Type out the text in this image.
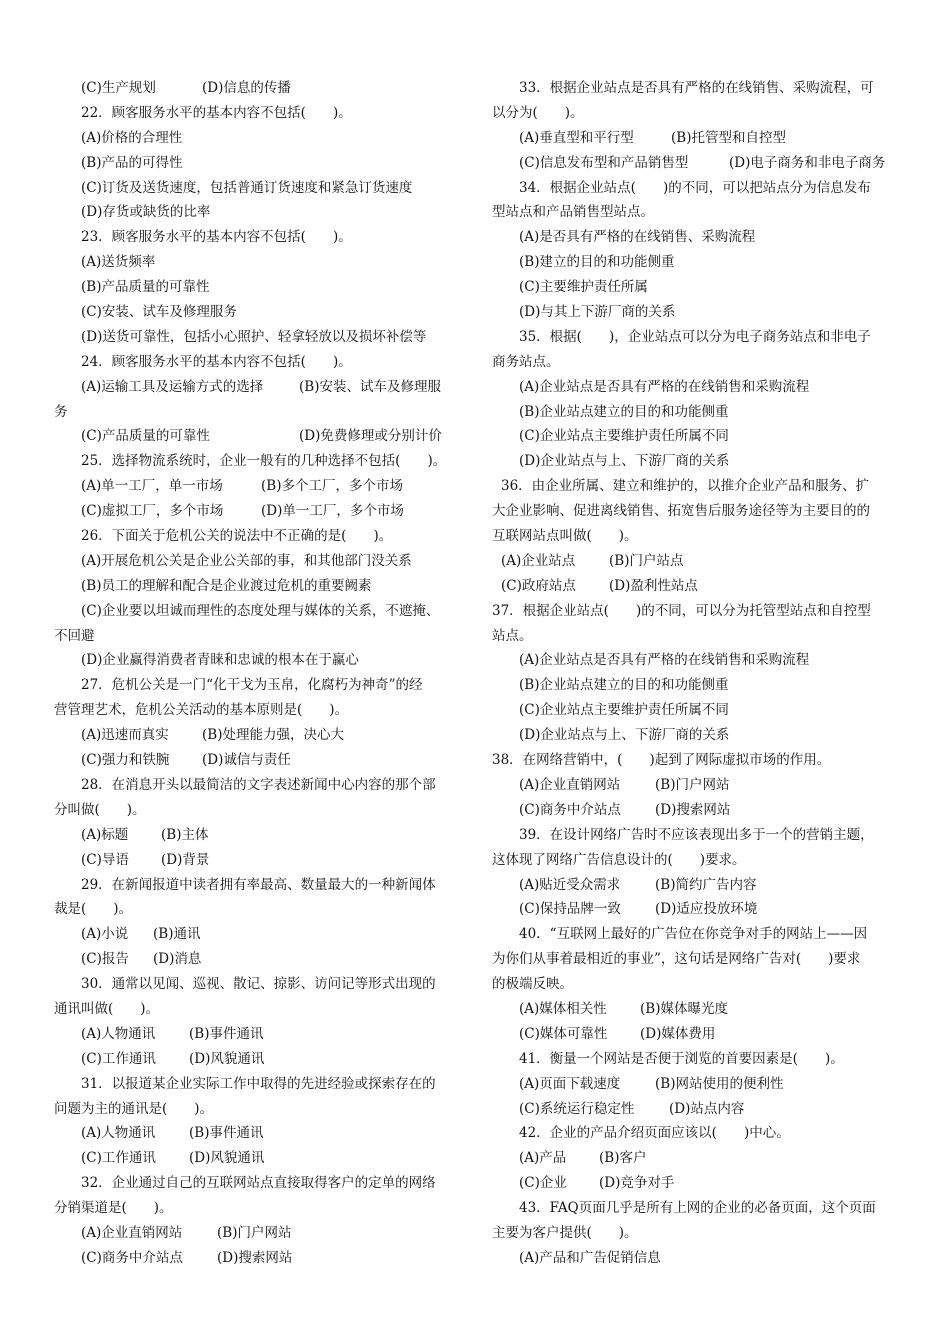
(C)生产规划	(D)信息的传播
22．顾客服务水平的基本内容不包括(　　)。
(A)价格的合理性
(B)产品的可得性
(C)订货及送货速度，包括普通订货速度和紧急订货速度
(D)存货或缺货的比率
23．顾客服务水平的基本内容不包括(　　)。
(A)送货频率
(B)产品质量的可靠性
(C)安装、试车及修理服务
(D)送货可靠性，包括小心照护、轻拿轻放以及损坏补偿等
24．顾客服务水平的基本内容不包括(　　)。
(A)运输工具及运输方式的选择	(B)安装、试车及修理服
务
(C)产品质量的可靠性	(D)免费修理或分别计价
25．选择物流系统时，企业一般有的几种选择不包括(　　)。
(A)单一工厂，单一市场	(B)多个工厂，多个市场
(C)虚拟工厂，多个市场	(D)单一工厂，多个市场
26．下面关于危机公关的说法中不正确的是(　　)。
(A)开展危机公关是企业公关部的事，和其他部门没关系
(B)员工的理解和配合是企业渡过危机的重要阙素
(C)企业要以坦诚而理性的态度处理与媒体的关系，不遮掩、
不回避
(D)企业赢得消费者青睐和忠诚的根本在于赢心
27．危机公关是一门“化干戈为玉帛，化腐朽为神奇”的经
营管理艺术，危机公关活动的基本原则是(　　)。
(A)迅速而真实 (B)处理能力强，决心大
(C)强力和铁腕 (D)诚信与责任
28．在消息开头以最简洁的文字表述新闻中心内容的那个部
分叫做(　　)。
(A)标题 (B)主体
(C)导语 (D)背景
29．在新闻报道中读者拥有率最高、数量最大的一种新闻体
裁是(　　)。
(A)小说 (B)通讯
(C)报告 (D)消息
30．通常以见闻、巡视、散记、掠影、访问记等形式出现的
通讯叫做(　　)。
(A)人物通讯 (B)事件通讯
(C)工作通讯 (D)风貌通讯
31．以报道某企业实际工作中取得的先进经验或探索存在的
问题为主的通讯是(　　)。
(A)人物通讯 (B)事件通讯
(C)工作通讯 (D)风貌通讯
32．企业通过自己的互联网站点直接取得客户的定单的网络
分销渠道是(　　)。
(A)企业直销网站	(B)门户网站
(C)商务中介站点	(D)搜索网站
33．根据企业站点是否具有严格的在线销售、采购流程，可
以分为(　　)。
(A)垂直型和平行型	(B)托管型和自控型
(C)信息发布型和产品销售型	(D)电子商务和非电子商务
34．根据企业站点(　　)的不同，可以把站点分为信息发布
型站点和产品销售型站点。
(A)是否具有严格的在线销售、采购流程
(B)建立的目的和功能侧重
(C)主要维护责任所属
(D)与其上下游厂商的关系
35．根据(　　)，企业站点可以分为电子商务站点和非电子
商务站点。
(A)企业站点是否具有严格的在线销售和采购流程
(B)企业站点建立的目的和功能侧重
(C)企业站点主要维护责任所属不同
(D)企业站点与上、下游厂商的关系
36．由企业所属、建立和维护的，以推介企业产品和服务、扩
大企业影响、促进离线销售、拓宽售后服务途径等为主要目的的
互联网站点叫做(　　)。
(A)企业站点 (B)门户站点
(C)政府站点 (D)盈利性站点
37．根据企业站点(　　)的不同，可以分为托管型站点和自控型
站点。
(A)企业站点是否具有严格的在线销售和采购流程
(B)企业站点建立的目的和功能侧重
(C)企业站点主要维护责任所属不同
(D)企业站点与上、下游厂商的关系
38．在网络营销中，(　　)起到了网际虚拟市场的作用。
(A)企业直销网站	(B)门户网站
(C)商务中介站点	(D)搜索网站
39．在设计网络广告时不应该表现出多于一个的营销主题，
这体现了网络广告信息设计的(　　)要求。
(A)贴近受众需求	(B)简约广告内容
(C)保持品牌一致	(D)适应投放环境
40．“互联网上最好的广告位在你竞争对手的网站上——因
为你们从事着最相近的事业”，这句话是网络广告对(　　)要求
的极端反映。
(A)媒体相关性 (B)媒体曝光度
(C)媒体可靠性 (D)媒体费用
41．衡量一个网站是否便于浏览的首要因素是(　　)。
(A)页面下载速度	(B)网站使用的便利性
(C)系统运行稳定性	(D)站点内容
42．企业的产品介绍页面应该以(　　)中心。
(A)产品 (B)客户
(C)企业 (D)竞争对手
43．FAQ页面几乎是所有上网的企业的必备页面，这个页面
主要为客户提供(　　)。
(A)产品和广告促销信息
